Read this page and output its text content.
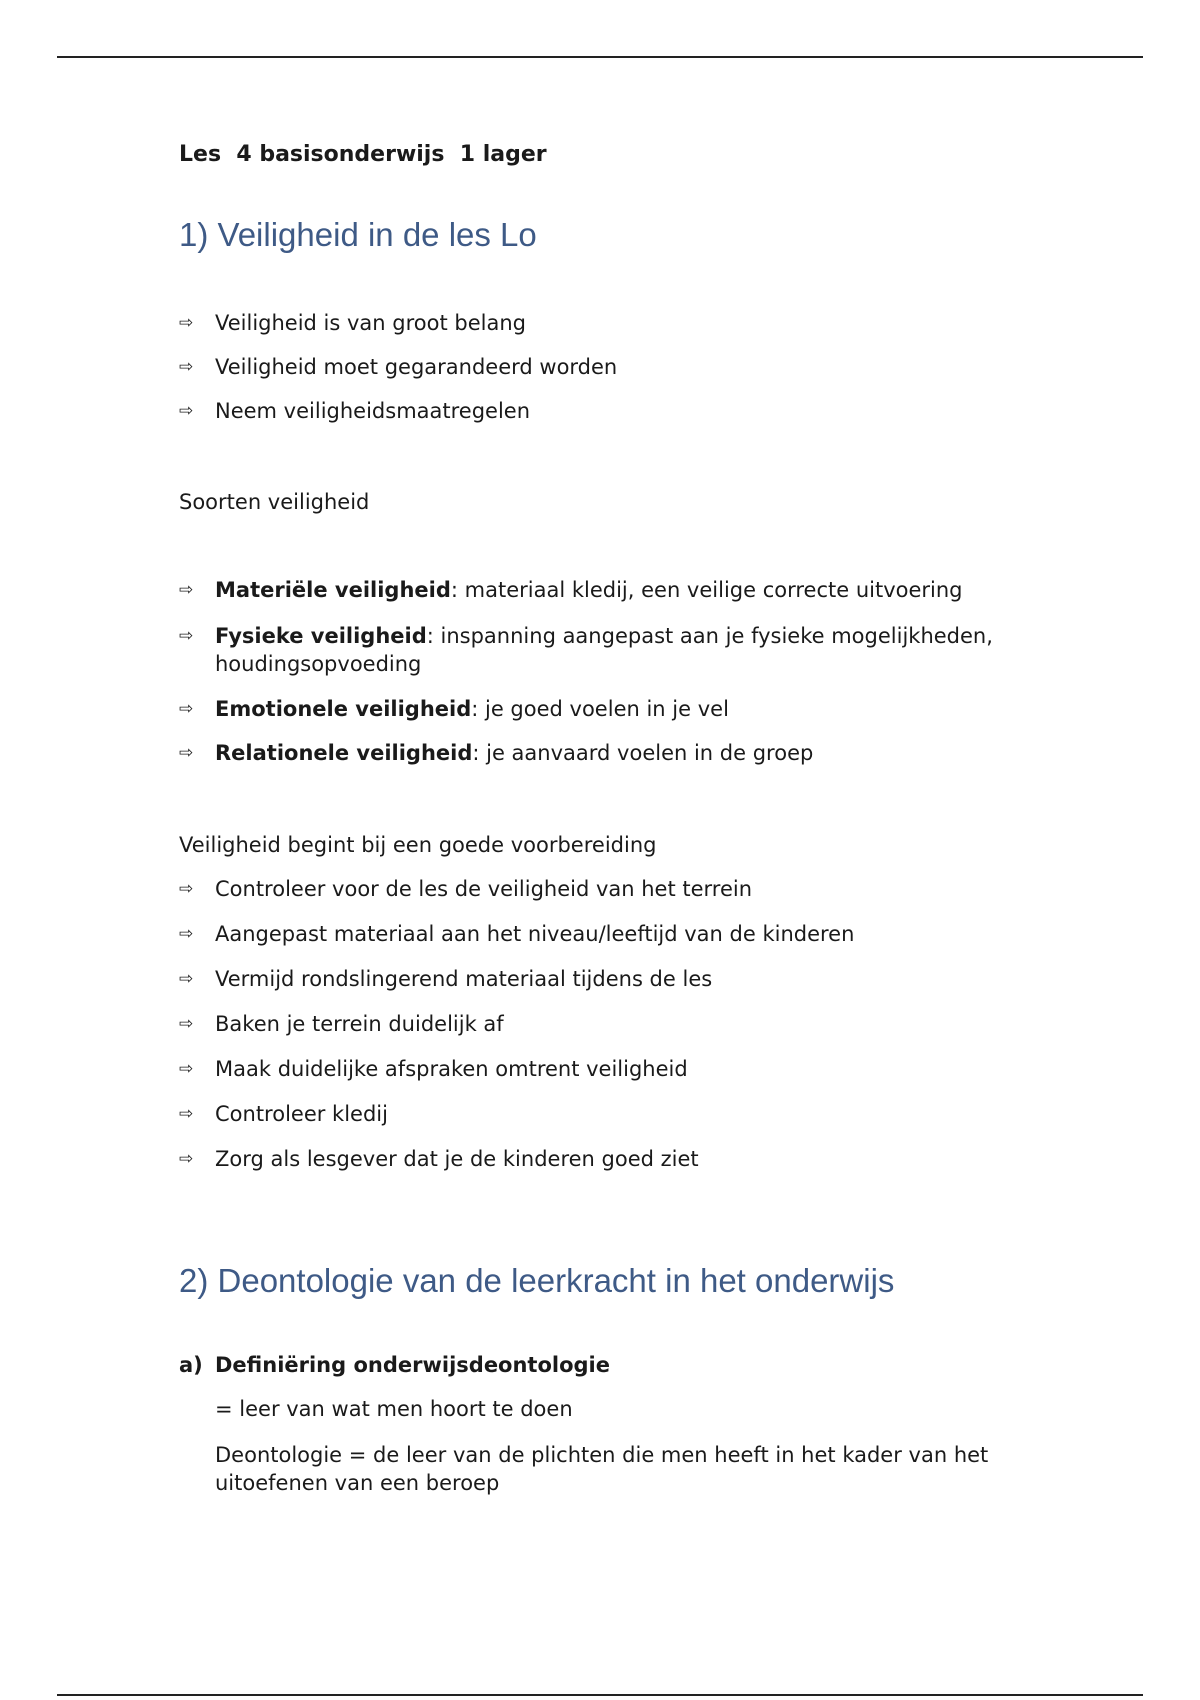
Les  4 basisonderwijs  1 lager
1) Veiligheid in de les Lo
⇨	Veiligheid is van groot belang
⇨	Veiligheid moet gegarandeerd worden
⇨	Neem veiligheidsmaatregelen
Soorten veiligheid
⇨	Materiële veiligheid: materiaal kledij, een veilige correcte uitvoering
⇨	Fysieke veiligheid: inspanning aangepast aan je fysieke mogelijkheden, houdingsopvoeding
⇨	Emotionele veiligheid: je goed voelen in je vel
⇨	Relationele veiligheid: je aanvaard voelen in de groep
Veiligheid begint bij een goede voorbereiding
⇨	Controleer voor de les de veiligheid van het terrein
⇨	Aangepast materiaal aan het niveau/leeftijd van de kinderen
⇨	Vermijd rondslingerend materiaal tijdens de les
⇨	Baken je terrein duidelijk af
⇨	Maak duidelijke afspraken omtrent veiligheid
⇨	Controleer kledij
⇨	Zorg als lesgever dat je de kinderen goed ziet
2) Deontologie van de leerkracht in het onderwijs
a) Definiëring onderwijsdeontologie
= leer van wat men hoort te doen
Deontologie = de leer van de plichten die men heeft in het kader van het uitoefenen van een beroep
